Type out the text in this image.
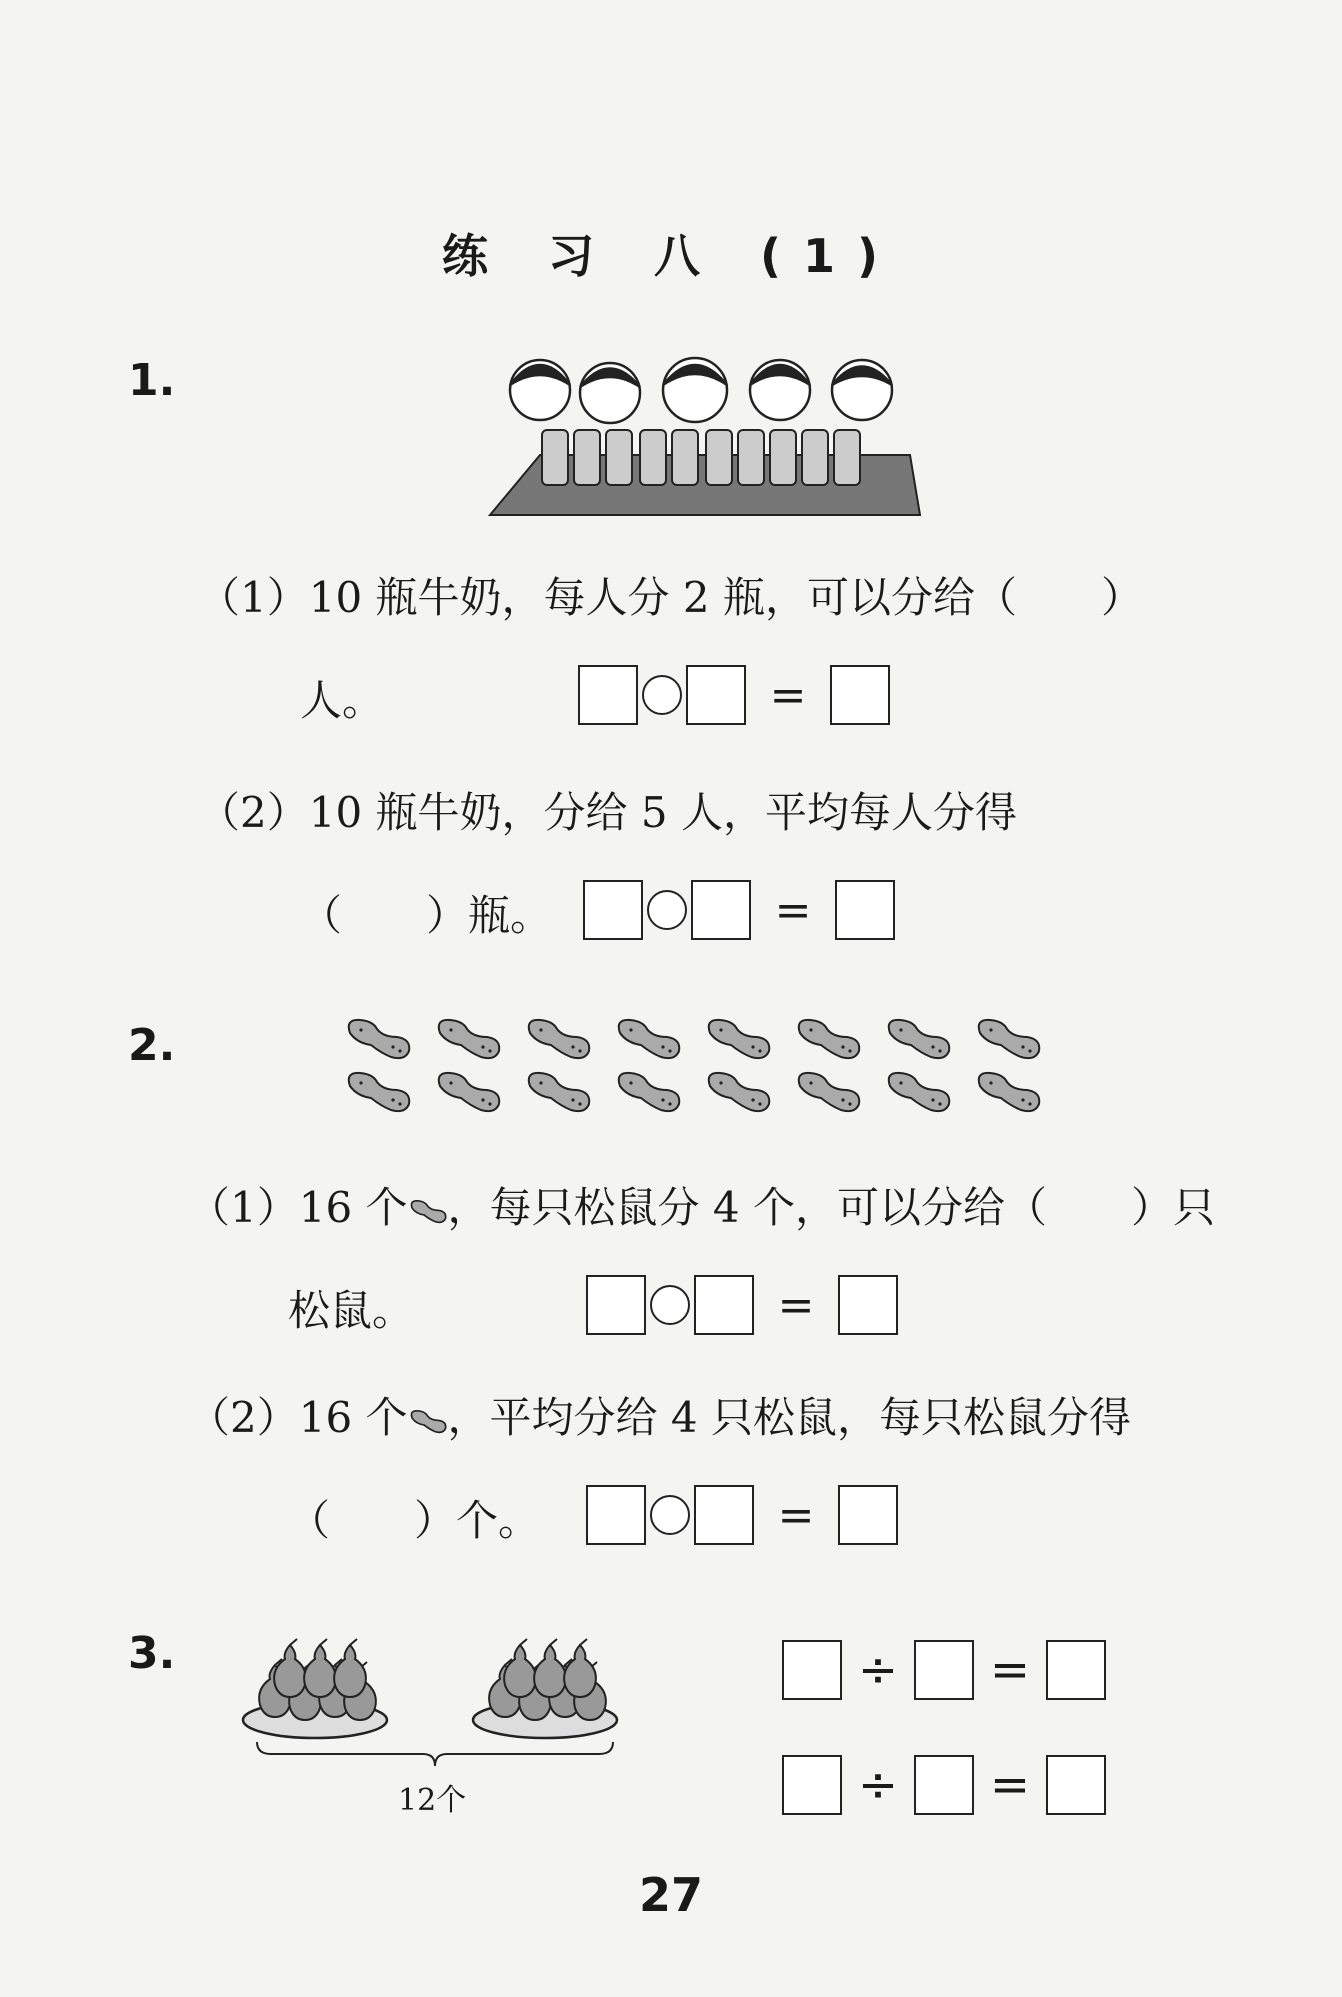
练 习 八 (1)
1.
（1）10 瓶牛奶，每人分 2 瓶，可以分给（　　）
人。	=
（2）10 瓶牛奶，分给 5 人，平均每人分得
（　　）瓶。	=
2.
（1）16 个 ，每只松鼠分 4 个，可以分给（　　）只
松鼠。	=
（2）16 个 ，平均分给 4 只松鼠，每只松鼠分得
（　　）个。	=
3.
12个
÷	=
÷	=
27
